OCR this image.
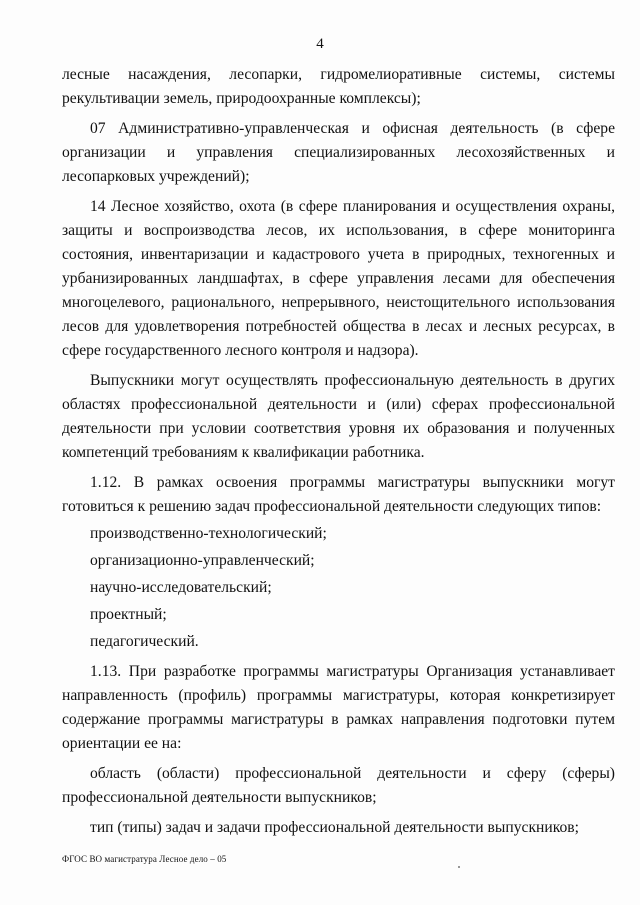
4

лесные насаждения, лесопарки, гидромелиоративные системы, системы рекультивации земель, природоохранные комплексы);

07 Административно-управленческая и офисная деятельность (в сфере организации и управления специализированных лесохозяйственных и лесопарковых учреждений);

14 Лесное хозяйство, охота (в сфере планирования и осуществления охраны, защиты и воспроизводства лесов, их использования, в сфере мониторинга состояния, инвентаризации и кадастрового учета в природных, техногенных и урбанизированных ландшафтах, в сфере управления лесами для обеспечения многоцелевого, рационального, непрерывного, неистощительного использования лесов для удовлетворения потребностей общества в лесах и лесных ресурсах, в сфере государственного лесного контроля и надзора).

Выпускники могут осуществлять профессиональную деятельность в других областях профессиональной деятельности и (или) сферах профессиональной деятельности при условии соответствия уровня их образования и полученных компетенций требованиям к квалификации работника.

1.12. В рамках освоения программы магистратуры выпускники могут готовиться к решению задач профессиональной деятельности следующих типов:

производственно-технологический;

организационно-управленческий;

научно-исследовательский;

проектный;

педагогический.

1.13. При разработке программы магистратуры Организация устанавливает направленность (профиль) программы магистратуры, которая конкретизирует содержание программы магистратуры в рамках направления подготовки путем ориентации ее на:

область (области) профессиональной деятельности и сферу (сферы) профессиональной деятельности выпускников;

тип (типы) задач и задачи профессиональной деятельности выпускников;

ФГОС ВО магистратура Лесное дело – 05
